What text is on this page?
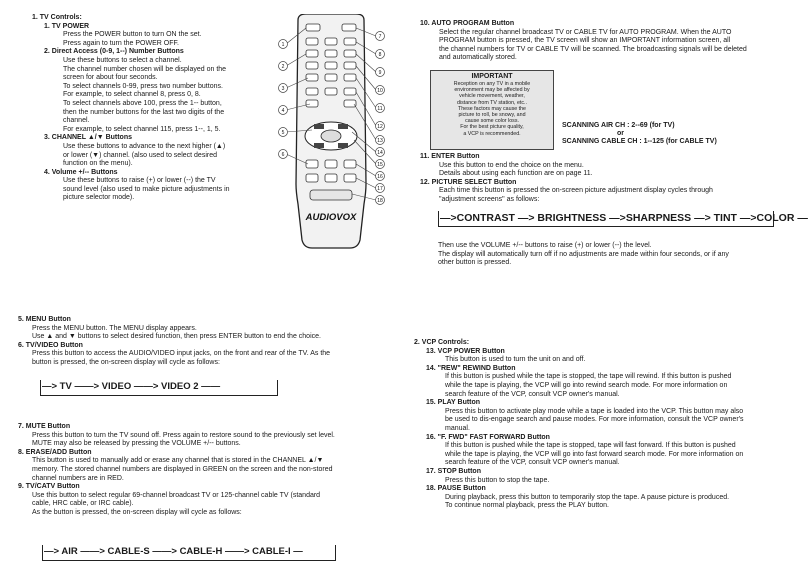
1. TV Controls:
1. TV POWER
Press the POWER button to turn ON the set.
Press again to turn the POWER OFF.
2. Direct Access (0-9, 1--) Number Buttons
Use these buttons to select a channel.
The channel number chosen will be displayed on the
screen for about four seconds.
To select channels 0-99, press two number buttons.
For example, to select channel 8, press 0, 8.
To select channels above 100, press the 1-- button,
then the number buttons for the last two digits of the
channel.
For example, to select channel 115, press 1--, 1, 5.
3. CHANNEL ▲/▼ Buttons
Use these buttons to advance to the next higher (▲)
or lower (▼) channel. (also used to select desired
function on the menu).
4. Volume +/-- Buttons
Use these buttons to raise (+) or lower (--) the TV
sound level (also used to make picture adjustments in
picture selector mode).
AUDIOVOX
1
2
3
4
5
6
7
8
9
10
11
12
13
14
15
16
17
18
10. AUTO PROGRAM Button
Select the regular channel broadcast TV or CABLE TV for AUTO PROGRAM. When the AUTO
PROGRAM button is pressed, the TV screen will show an IMPORTANT information screen, all
the channel numbers for TV or CABLE TV will be scanned. The broadcasting signals will be deleted
and automatically stored.
IMPORTANT
Reception on any TV in a mobile
environment may be affected by
vehicle movement, weather,
distance from TV station, etc..
These factors may cause the
picture to roll, be snowy, and
cause some color loss.
For the best picture quality,
a VCP is recommended.
SCANNING AIR CH : 2--69 (for TV)
or
SCANNING CABLE CH : 1--125 (for CABLE TV)
11. ENTER Button
Use this button to end the choice on the menu.
Details about using each function are on page 11.
12. PICTURE SELECT Button
Each time this button is pressed the on-screen picture adjustment display cycles through
"adjustment screens" as follows:
—>CONTRAST —> BRIGHTNESS —>SHARPNESS —> TINT —>COLOR —
Then use the VOLUME +/-- buttons to raise (+) or lower (--) the level.
The display will automatically turn off if no adjustments are made within four seconds, or if any
other button is pressed.
5. MENU Button
Press the MENU button. The MENU display appears.
Use ▲ and ▼ buttons to select desired function, then press ENTER button to end the choice.
6. TV/VIDEO Button
Press this button to access the AUDIO/VIDEO input jacks, on the front and rear of the TV. As the
button is pressed, the on-screen display will cycle as follows:
—> TV ——> VIDEO ——> VIDEO 2 ——
7. MUTE Button
Press this button to turn the TV sound off. Press again to restore sound to the previously set level.
MUTE may also be released by pressing the VOLUME +/-- buttons.
8. ERASE/ADD Button
This button is used to manually add or erase any channel that is stored in the CHANNEL ▲/▼
memory. The stored channel numbers are displayed in GREEN on the screen and the non-stored
channel numbers are in RED.
9. TV/CATV Button
Use this button to select regular 69-channel broadcast TV or 125-channel cable TV (standard
cable, HRC cable, or IRC cable).
As the button is pressed, the on-screen display will cycle as follows:
—> AIR ——> CABLE-S ——> CABLE-H ——> CABLE-I —
2. VCP Controls:
13. VCP POWER Button
This button is used to turn the unit on and off.
14. "REW" REWIND Button
If this button is pushed while the tape is stopped, the tape will rewind. If this button is pushed
while the tape is playing, the VCP will go into rewind search mode. For more information on
search feature of the VCP, consult VCP owner's manual.
15. PLAY Button
Press this button to activate play mode while a tape is loaded into the VCP. This button may also
be used to dis-engage search and pause modes. For more information, consult the VCP owner's
manual.
16. "F. FWD" FAST FORWARD Button
If this button is pushed while the tape is stopped, tape will fast forward. If this button is pushed
while the tape is playing, the VCP will go into fast forward search mode. For more information on
search feature of the VCP, consult VCP owner's manual.
17. STOP Button
Press this button to stop the tape.
18. PAUSE Button
During playback, press this button to temporarily stop the tape. A pause picture is produced.
To continue normal playback, press the PLAY button.
